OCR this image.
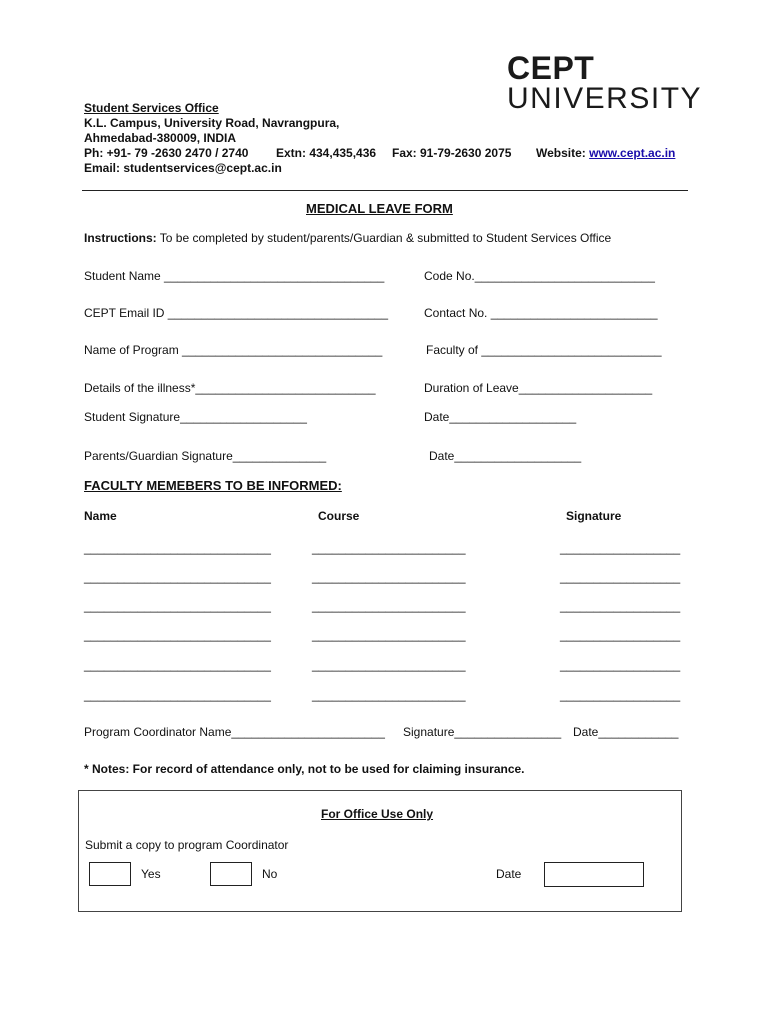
CEPT
UNIVERSITY
Student Services Office
K.L. Campus, University Road, Navrangpura,
Ahmedabad-380009, INDIA
Ph: +91- 79 -2630 2470 / 2740 Extn: 434,435,436 Fax: 91-79-2630 2075 Website: www.cept.ac.in
Email: studentservices@cept.ac.in
MEDICAL LEAVE FORM
Instructions: To be completed by student/parents/Guardian & submitted to Student Services Office
Student Name _________________________________	Code No.___________________________
CEPT Email ID _________________________________	Contact No. _________________________
Name of Program ______________________________	Faculty of ___________________________
Details of the illness*___________________________	Duration of Leave____________________
Student Signature___________________	Date___________________
Parents/Guardian Signature______________	Date___________________
FACULTY MEMEBERS TO BE INFORMED:
Name	Course	Signature
____________________________	_______________________	__________________
____________________________	_______________________	__________________
____________________________	_______________________	__________________
____________________________	_______________________	__________________
____________________________	_______________________	__________________
____________________________	_______________________	__________________
Program Coordinator Name_______________________ Signature________________ Date____________
* Notes: For record of attendance only, not to be used for claiming insurance.
For Office Use Only
Submit a copy to program Coordinator
Yes	No	Date
